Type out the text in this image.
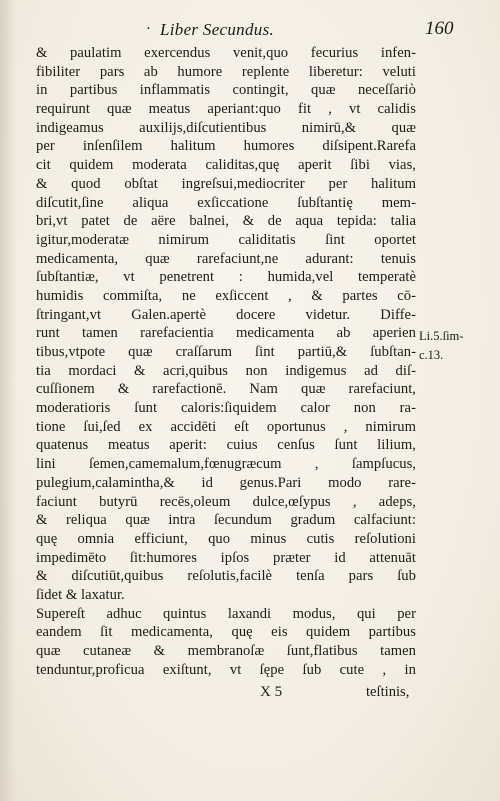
· Liber Secundus.	160
& paulatim exercendus venit,quo fecurius infen-
fibiliter pars ab humore replente liberetur: veluti
in partibus inflammatis contingit, quæ neceſſariò
requirunt quæ meatus aperiant:quo fit , vt calidis
indigeamus auxilijs,diſcutientibus nimirū,& quæ
per inſenſilem halitum humores diſsipent.Rarefa
cit quidem moderata caliditas,quę aperit ſibi vias,
& quod obſtat ingreſsui,mediocriter per halitum
diſcutit,ſine aliqua exſiccatione ſubſtantię mem-
bri,vt patet de aëre balnei, & de aqua tepida: talia
igitur,moderatæ nimirum caliditatis ſint oportet
medicamenta, quæ rarefaciunt,ne adurant: tenuis
ſubſtantiæ, vt penetrent : humida,vel temperatè
humidis commiſta, ne exſiccent , & partes cō-
ſtringant,vt Galen.apertè docere videtur. Diffe-
runt tamen rarefacientia medicamenta ab aperien
tibus,vtpote quæ craſſarum ſint partiū,& ſubſtan-
tia mordaci & acri,quibus non indigemus ad diſ-
cuſſionem & rarefactionē. Nam quæ rarefaciunt,
moderatioris ſunt caloris:ſiquidem calor non ra-
tione ſui,ſed ex accidēti eſt oportunus , nimirum
quatenus meatus aperit: cuius cenſus ſunt lilium,
lini ſemen,camemalum,fœnugræcum , ſampſucus,
pulegium,calamintha,& id genus.Pari modo rare-
faciunt butyrū recēs,oleum dulce,œſypus , adeps,
& reliqua quæ intra ſecundum gradum calfaciunt:
quę omnia efficiunt, quo minus cutis reſolutioni
impedimēto ſit:humores ipſos præter id attenuāt
& diſcutiūt,quibus reſolutis,facilè tenſa pars ſub
ſidet & laxatur.
Supereſt adhuc quintus laxandi modus, qui per
eandem ſit medicamenta, quę eis quidem partibus
quæ cutaneæ & membranoſæ ſunt,flatibus tamen
tenduntur,proficua exiſtunt, vt ſępe ſub cute , in
Li.5.ſim-
c.13.
X 5	teſtinis,
